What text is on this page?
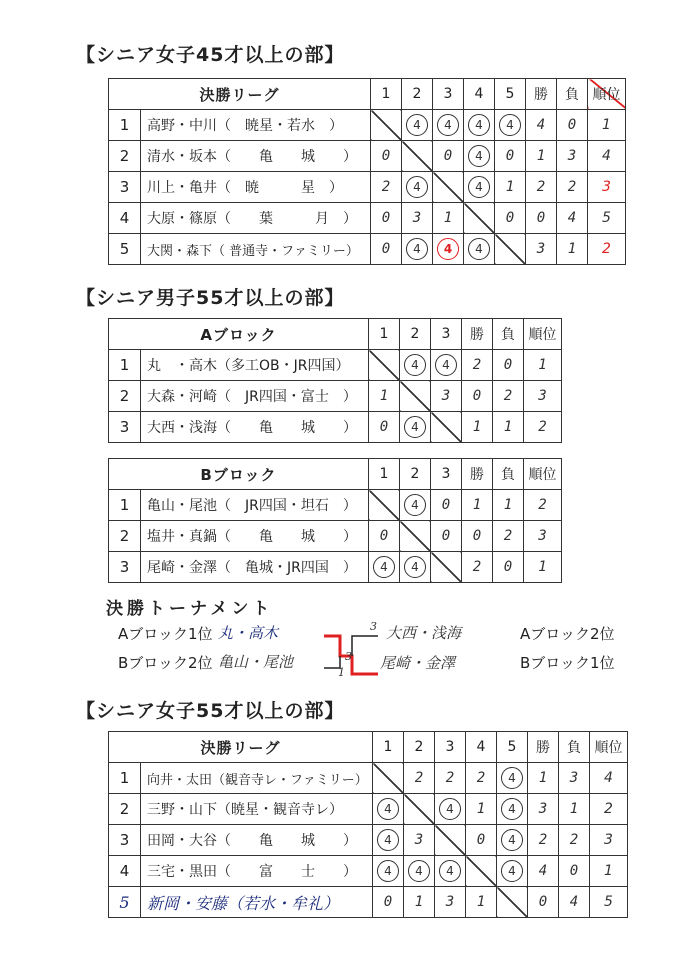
【シニア女子45才以上の部】
決勝リーグ		1	2	3	4	5	勝	負	順位
1	高野・中川（　暁星・若水　）		4	4	4	4	4	0	1
2	清水・坂本（　　亀　　城　　）	0		0	4	0	1	3	4
3	川上・亀井（　暁　　　星　）	2	4		4	1	2	2	3
4	大原・篠原（　　葉　　　月　）	0	3	1		0	0	4	5
5	大関・森下（ 普通寺・ファミリー）	0	4	4	4		3	1	2
【シニア男子55才以上の部】
Aブロック		1	2	3	勝	負	順位
1	丸　・高木（多工OB・JR四国）		4	4	2	0	1
2	大森・河崎（　JR四国・富士　）	1		3	0	2	3
3	大西・浅海（　　亀　　城　　）	0	4		1	1	2
Bブロック		1	2	3	勝	負	順位
1	亀山・尾池（　JR四国・坦石　）		4	0	1	1	2
2	塩井・真鍋（　　亀　　城　　）	0		0	0	2	3
3	尾崎・金澤（　亀城・JR四国　）	4	4		2	0	1
決勝トーナメント
Aブロック1位 丸・高木
Bブロック2位 亀山・尾池
3
3
1
大西・浅海	Aブロック2位
尾崎・金澤	Bブロック1位
【シニア女子55才以上の部】
決勝リーグ		1	2	3	4	5	勝	負	順位
1	向井・太田（観音寺レ・ファミリー）		2	2	2	4	1	3	4
2	三野・山下（暁星・観音寺レ）	4		4	1	4	3	1	2
3	田岡・大谷（　　亀　　城　　）	4	3		0	4	2	2	3
4	三宅・黒田（　　富　　士　　）	4	4	4		4	4	0	1
5	新岡・安藤（若水・牟礼）	0	1	3	1		0	4	5
